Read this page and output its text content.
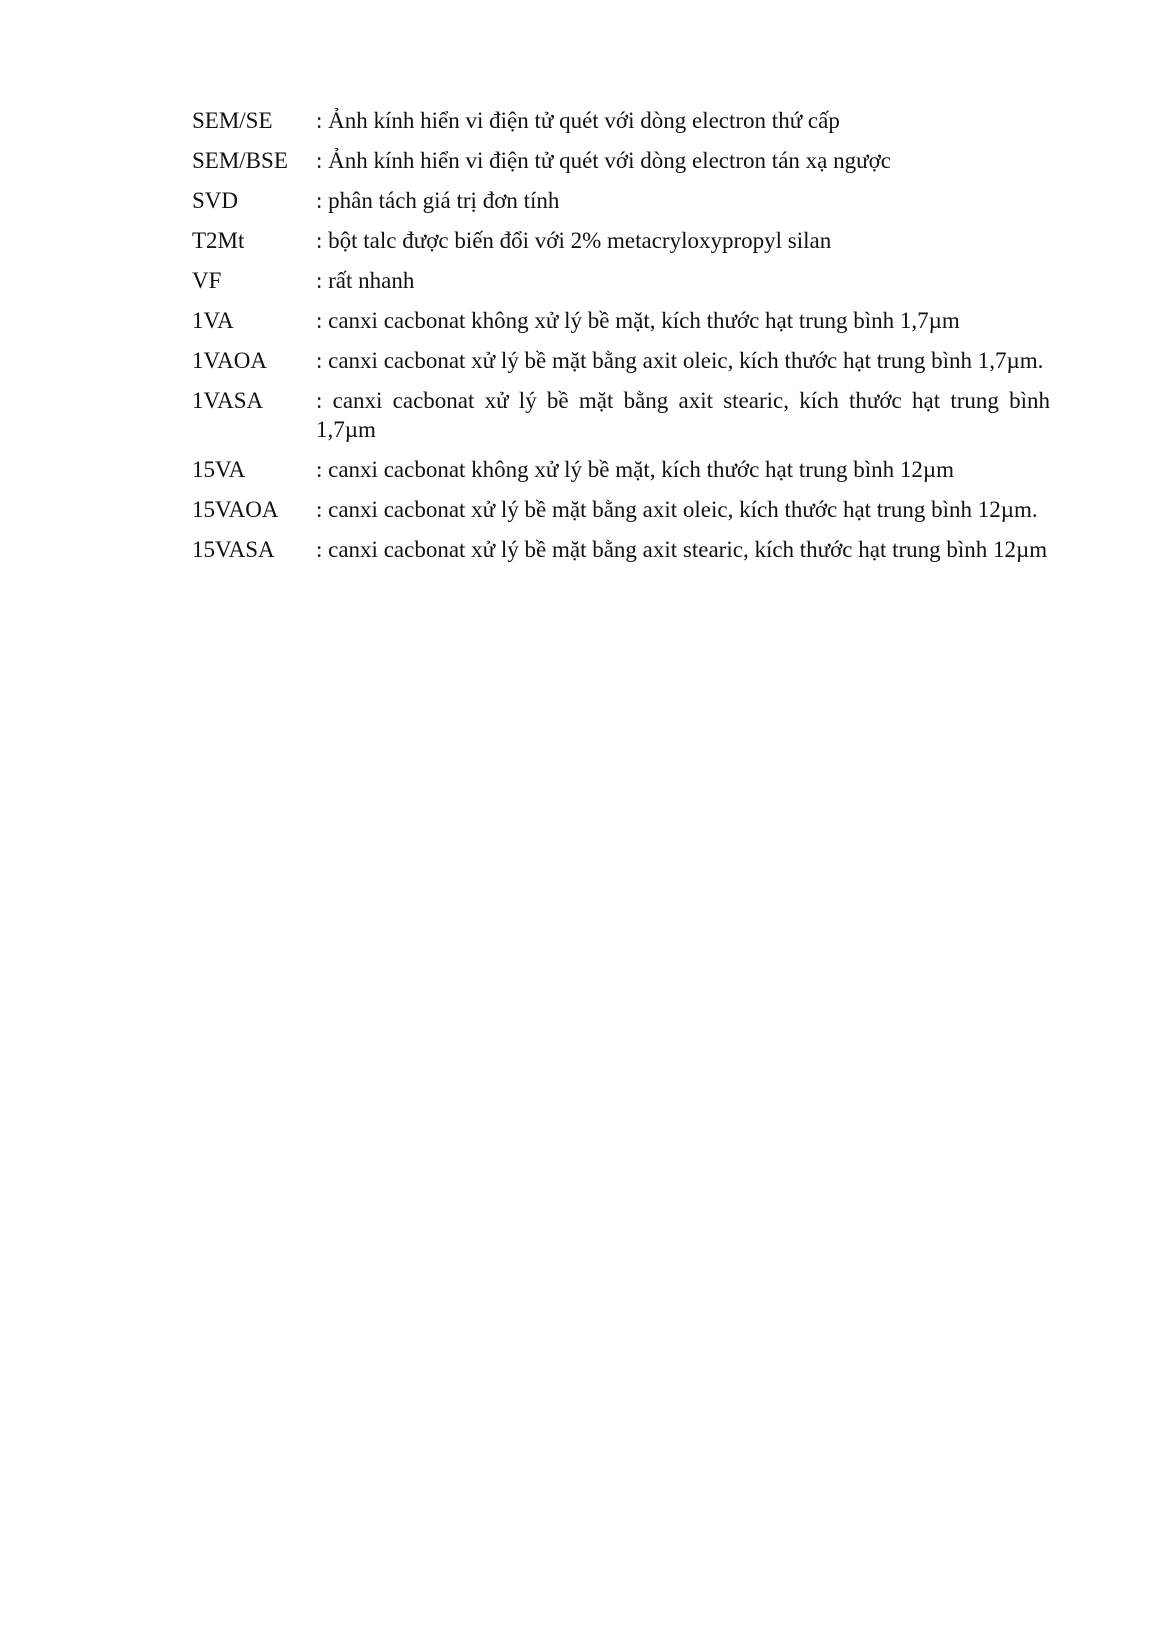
SEM/SE	: Ảnh kính hiển vi điện tử quét với dòng electron thứ cấp
SEM/BSE	: Ảnh kính hiển vi điện tử quét với dòng electron tán xạ ngược
SVD	: phân tách giá trị đơn tính
T2Mt	: bột talc được biến đổi với 2% metacryloxypropyl silan
VF	: rất nhanh
1VA	: canxi cacbonat không xử lý bề mặt, kích thước hạt trung bình 1,7µm
1VAOA	: canxi cacbonat xử lý bề mặt bằng axit oleic, kích thước hạt trung bình 1,7µm.
1VASA	: canxi cacbonat xử lý bề mặt bằng axit stearic, kích thước hạt trung bình 1,7µm
15VA	: canxi cacbonat không xử lý bề mặt, kích thước hạt trung bình 12µm
15VAOA	: canxi cacbonat xử lý bề mặt bằng axit oleic, kích thước hạt trung bình 12µm.
15VASA	: canxi cacbonat xử lý bề mặt bằng axit stearic, kích thước hạt trung bình 12µm
